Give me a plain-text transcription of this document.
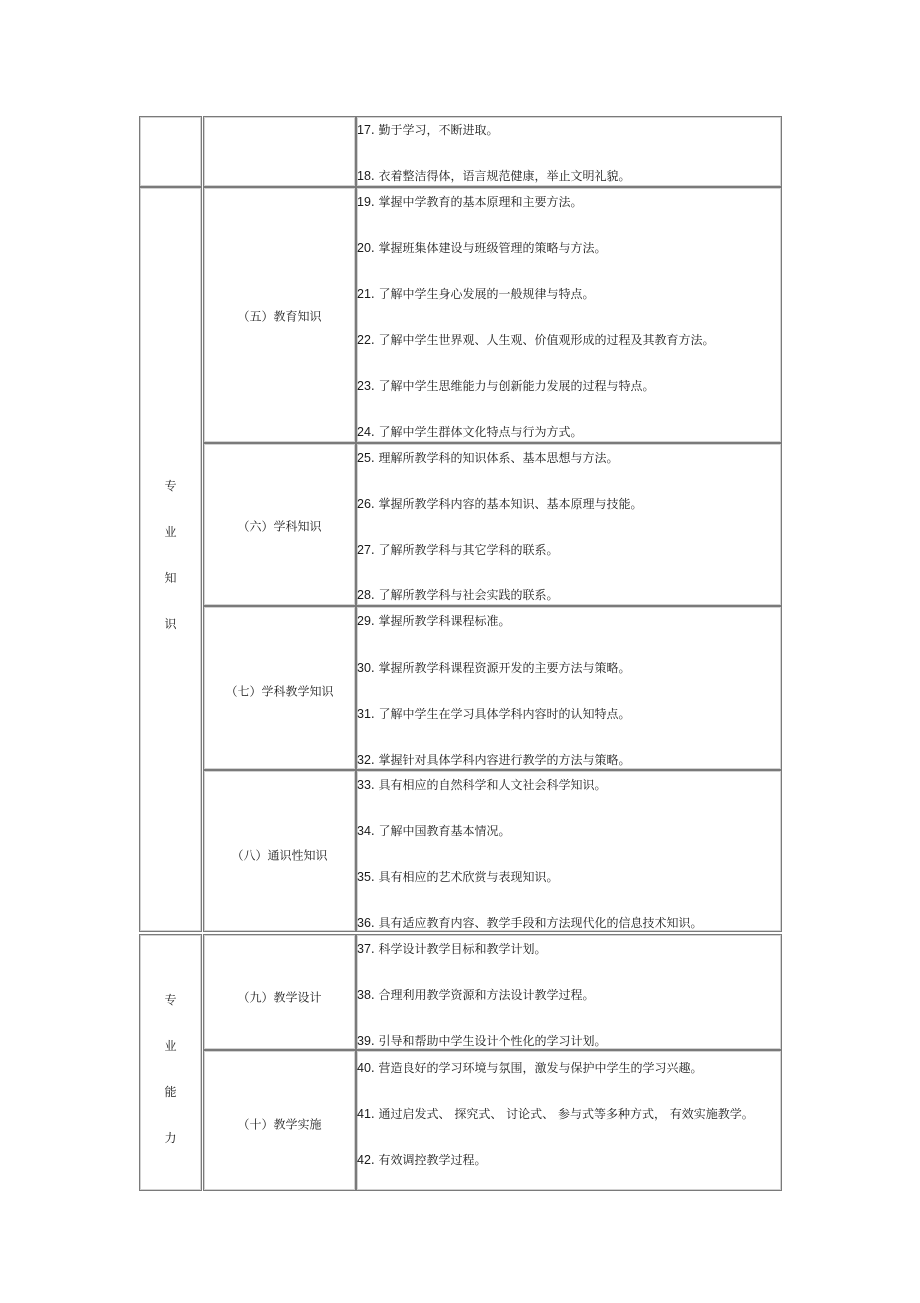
专
业
知
识
专
业
能
力
（五）教育知识
（六）学科知识
（七）学科教学知识
（八）通识性知识
（九）教学设计
（十）教学实施
17. 勤于学习，不断进取。
18. 衣着整洁得体，语言规范健康，举止文明礼貌。
19. 掌握中学教育的基本原理和主要方法。
20. 掌握班集体建设与班级管理的策略与方法。
21. 了解中学生身心发展的一般规律与特点。
22. 了解中学生世界观、人生观、价值观形成的过程及其教育方法。
23. 了解中学生思维能力与创新能力发展的过程与特点。
24. 了解中学生群体文化特点与行为方式。
25. 理解所教学科的知识体系、基本思想与方法。
26. 掌握所教学科内容的基本知识、基本原理与技能。
27. 了解所教学科与其它学科的联系。
28. 了解所教学科与社会实践的联系。
29. 掌握所教学科课程标准。
30. 掌握所教学科课程资源开发的主要方法与策略。
31. 了解中学生在学习具体学科内容时的认知特点。
32. 掌握针对具体学科内容进行教学的方法与策略。
33. 具有相应的自然科学和人文社会科学知识。
34. 了解中国教育基本情况。
35. 具有相应的艺术欣赏与表现知识。
36. 具有适应教育内容、教学手段和方法现代化的信息技术知识。
37. 科学设计教学目标和教学计划。
38. 合理利用教学资源和方法设计教学过程。
39. 引导和帮助中学生设计个性化的学习计划。
40. 营造良好的学习环境与氛围，激发与保护中学生的学习兴趣。
41. 通过启发式、 探究式、 讨论式、 参与式等多种方式， 有效实施教学。
42. 有效调控教学过程。
